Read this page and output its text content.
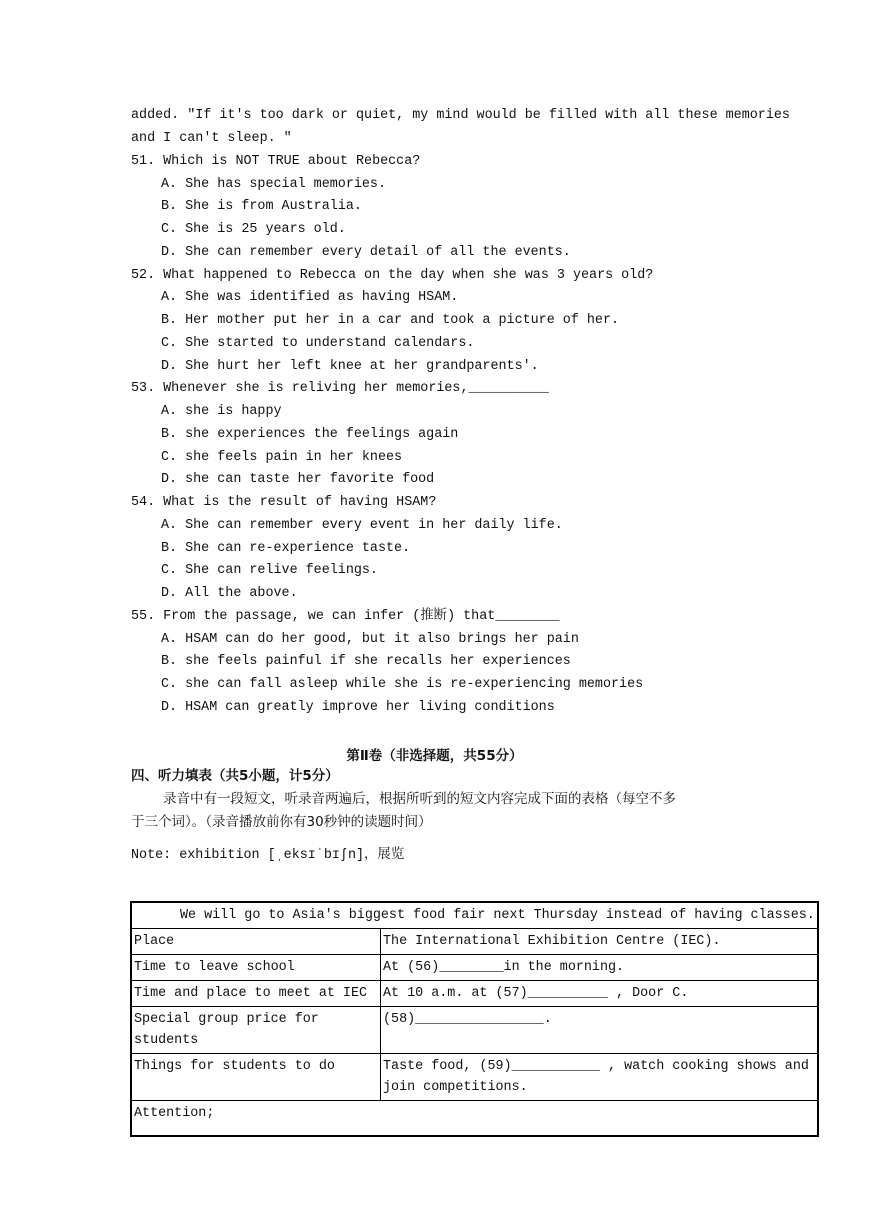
added. "If it's too dark or quiet, my mind would be filled with all these memories
and I can't sleep. "
51. Which is NOT TRUE about Rebecca?
A. She has special memories.
B. She is from Australia.
C. She is 25 years old.
D. She can remember every detail of all the events.
52. What happened to Rebecca on the day when she was 3 years old?
A. She was identified as having HSAM.
B. Her mother put her in a car and took a picture of her.
C. She started to understand calendars.
D. She hurt her left knee at her grandparents'.
53. Whenever she is reliving her memories,__________
A. she is happy
B. she experiences the feelings again
C. she feels pain in her knees
D. she can taste her favorite food
54. What is the result of having HSAM?
A. She can remember every event in her daily life.
B. She can re-experience taste.
C. She can relive feelings.
D. All the above.
55. From the passage, we can infer (推断) that________
A. HSAM can do her good, but it also brings her pain
B. she feels painful if she recalls her experiences
C. she can fall asleep while she is re-experiencing memories
D. HSAM can greatly improve her living conditions
第Ⅱ卷（非选择题，共55分）
四、听力填表（共5小题，计5分）
录音中有一段短文，听录音两遍后，根据所听到的短文内容完成下面的表格（每空不多
于三个词）。（录音播放前你有30秒钟的读题时间）
Note: exhibition [ˌeksɪˈbɪʃn]，展览
We will go to Asia's biggest food fair next Thursday instead of having classes.	
Place	The International Exhibition Centre (IEC).
Time to leave school	At (56)________in the morning.
Time and place to meet at IEC	At 10 a.m. at (57)__________ , Door C.
Special group price for students	(58)________________.
Things for students to do	Taste food, (59)___________ , watch cooking shows and join competitions.
Attention;	
